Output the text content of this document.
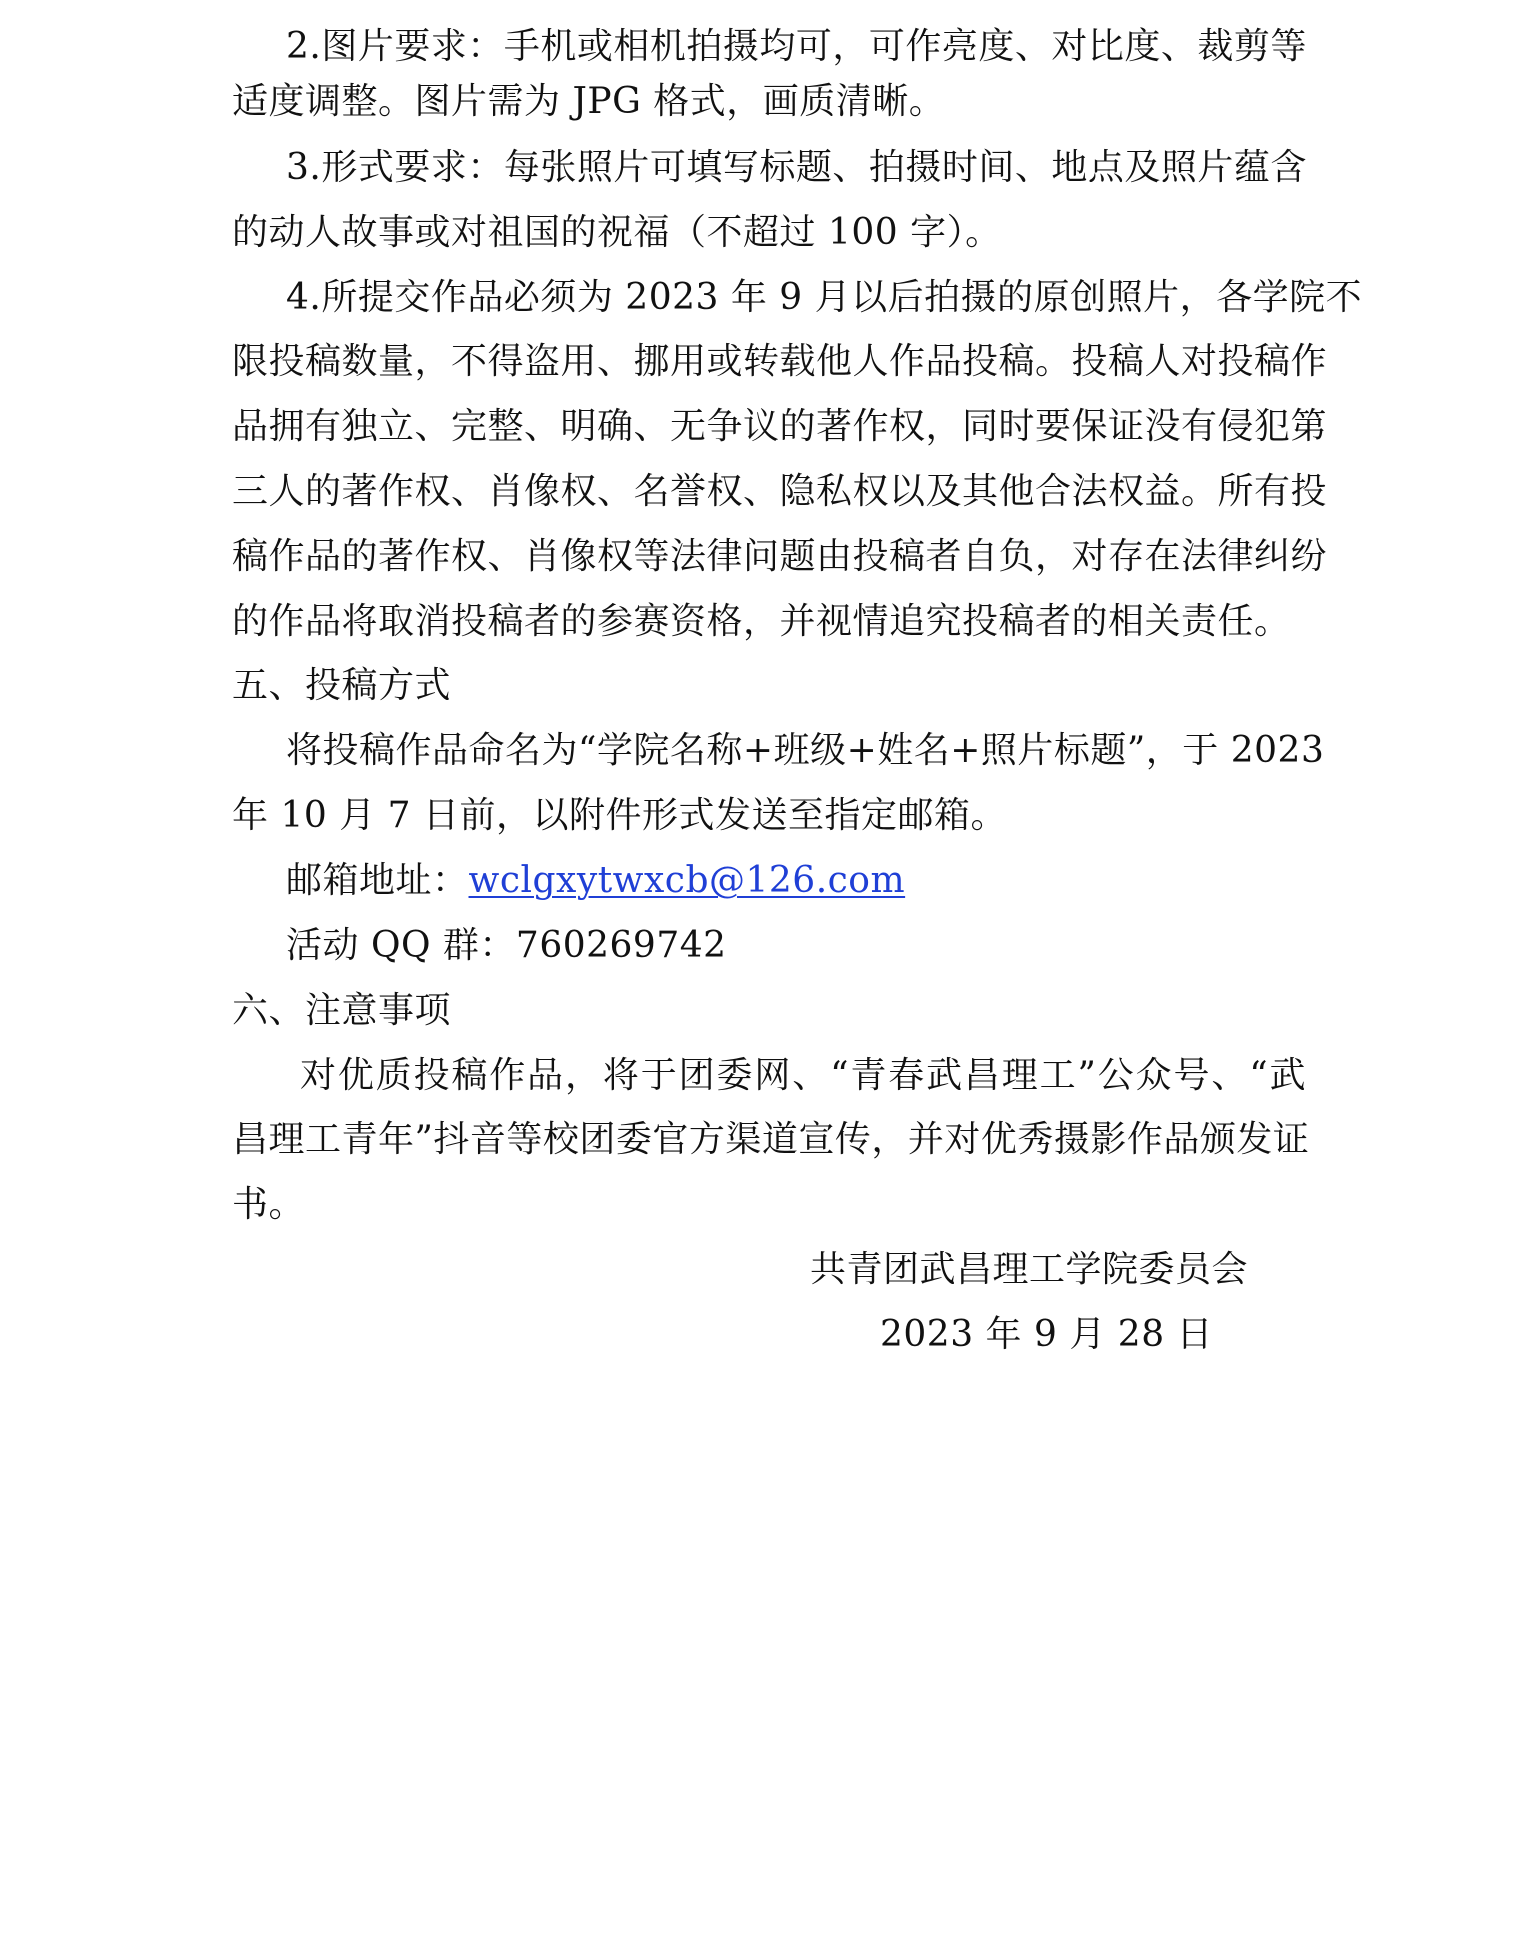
2.图片要求：手机或相机拍摄均可，可作亮度、对比度、裁剪等
适度调整。图片需为 JPG 格式，画质清晰。
3.形式要求：每张照片可填写标题、拍摄时间、地点及照片蕴含
的动人故事或对祖国的祝福（不超过 100 字）。
4.所提交作品必须为 2023 年 9 月以后拍摄的原创照片，各学院不
限投稿数量，不得盗用、挪用或转载他人作品投稿。投稿人对投稿作
品拥有独立、完整、明确、无争议的著作权，同时要保证没有侵犯第
三人的著作权、肖像权、名誉权、隐私权以及其他合法权益。所有投
稿作品的著作权、肖像权等法律问题由投稿者自负，对存在法律纠纷
的作品将取消投稿者的参赛资格，并视情追究投稿者的相关责任。
五、投稿方式
将投稿作品命名为“学院名称+班级+姓名+照片标题”，于 2023
年 10 月 7 日前，以附件形式发送至指定邮箱。
邮箱地址：wclgxytwxcb@126.com
活动 QQ 群：760269742
六、注意事项
对优质投稿作品，将于团委网、“青春武昌理工”公众号、“武
昌理工青年”抖音等校团委官方渠道宣传，并对优秀摄影作品颁发证
书。
共青团武昌理工学院委员会
2023 年 9 月 28 日
